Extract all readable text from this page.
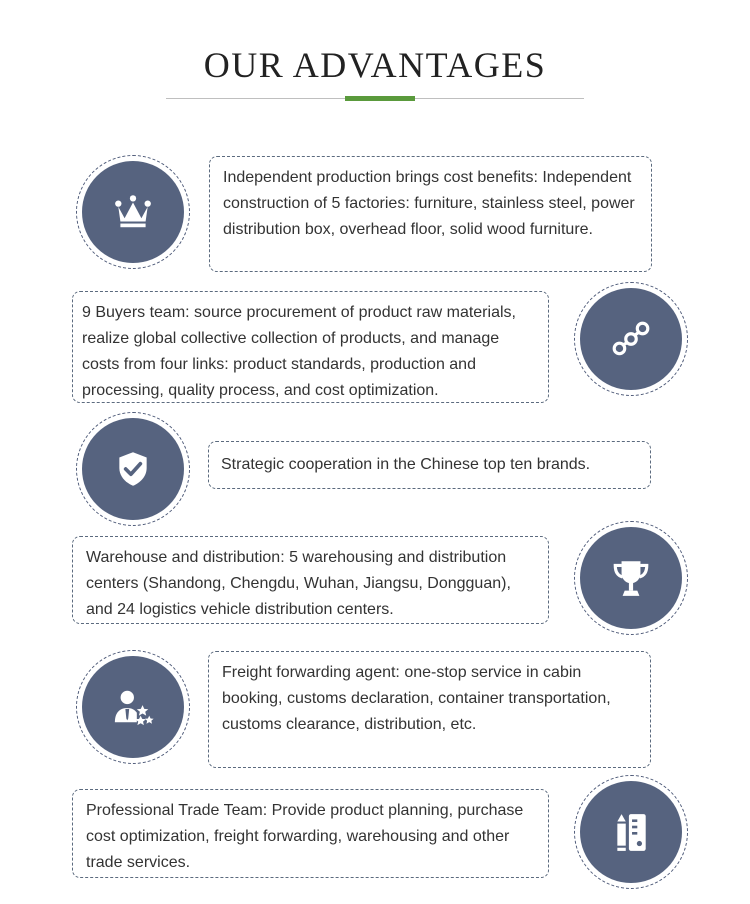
OUR ADVANTAGES
Independent production brings cost benefits: Independent construction of 5 factories: furniture, stainless steel, power distribution box, overhead floor, solid wood furniture.
9 Buyers team: source procurement of product raw materials, realize global collective collection of products, and manage costs from four links: product standards, production and processing, quality process, and cost optimization.
Strategic cooperation in the Chinese top ten brands.
Warehouse and distribution: 5 warehousing and distribution centers (Shandong, Chengdu, Wuhan, Jiangsu, Dongguan), and 24 logistics vehicle distribution centers.
Freight forwarding agent: one-stop service in cabin booking, customs declaration, container transportation, customs clearance, distribution, etc.
Professional Trade Team: Provide product planning, purchase cost optimization, freight forwarding, warehousing and other trade services.
